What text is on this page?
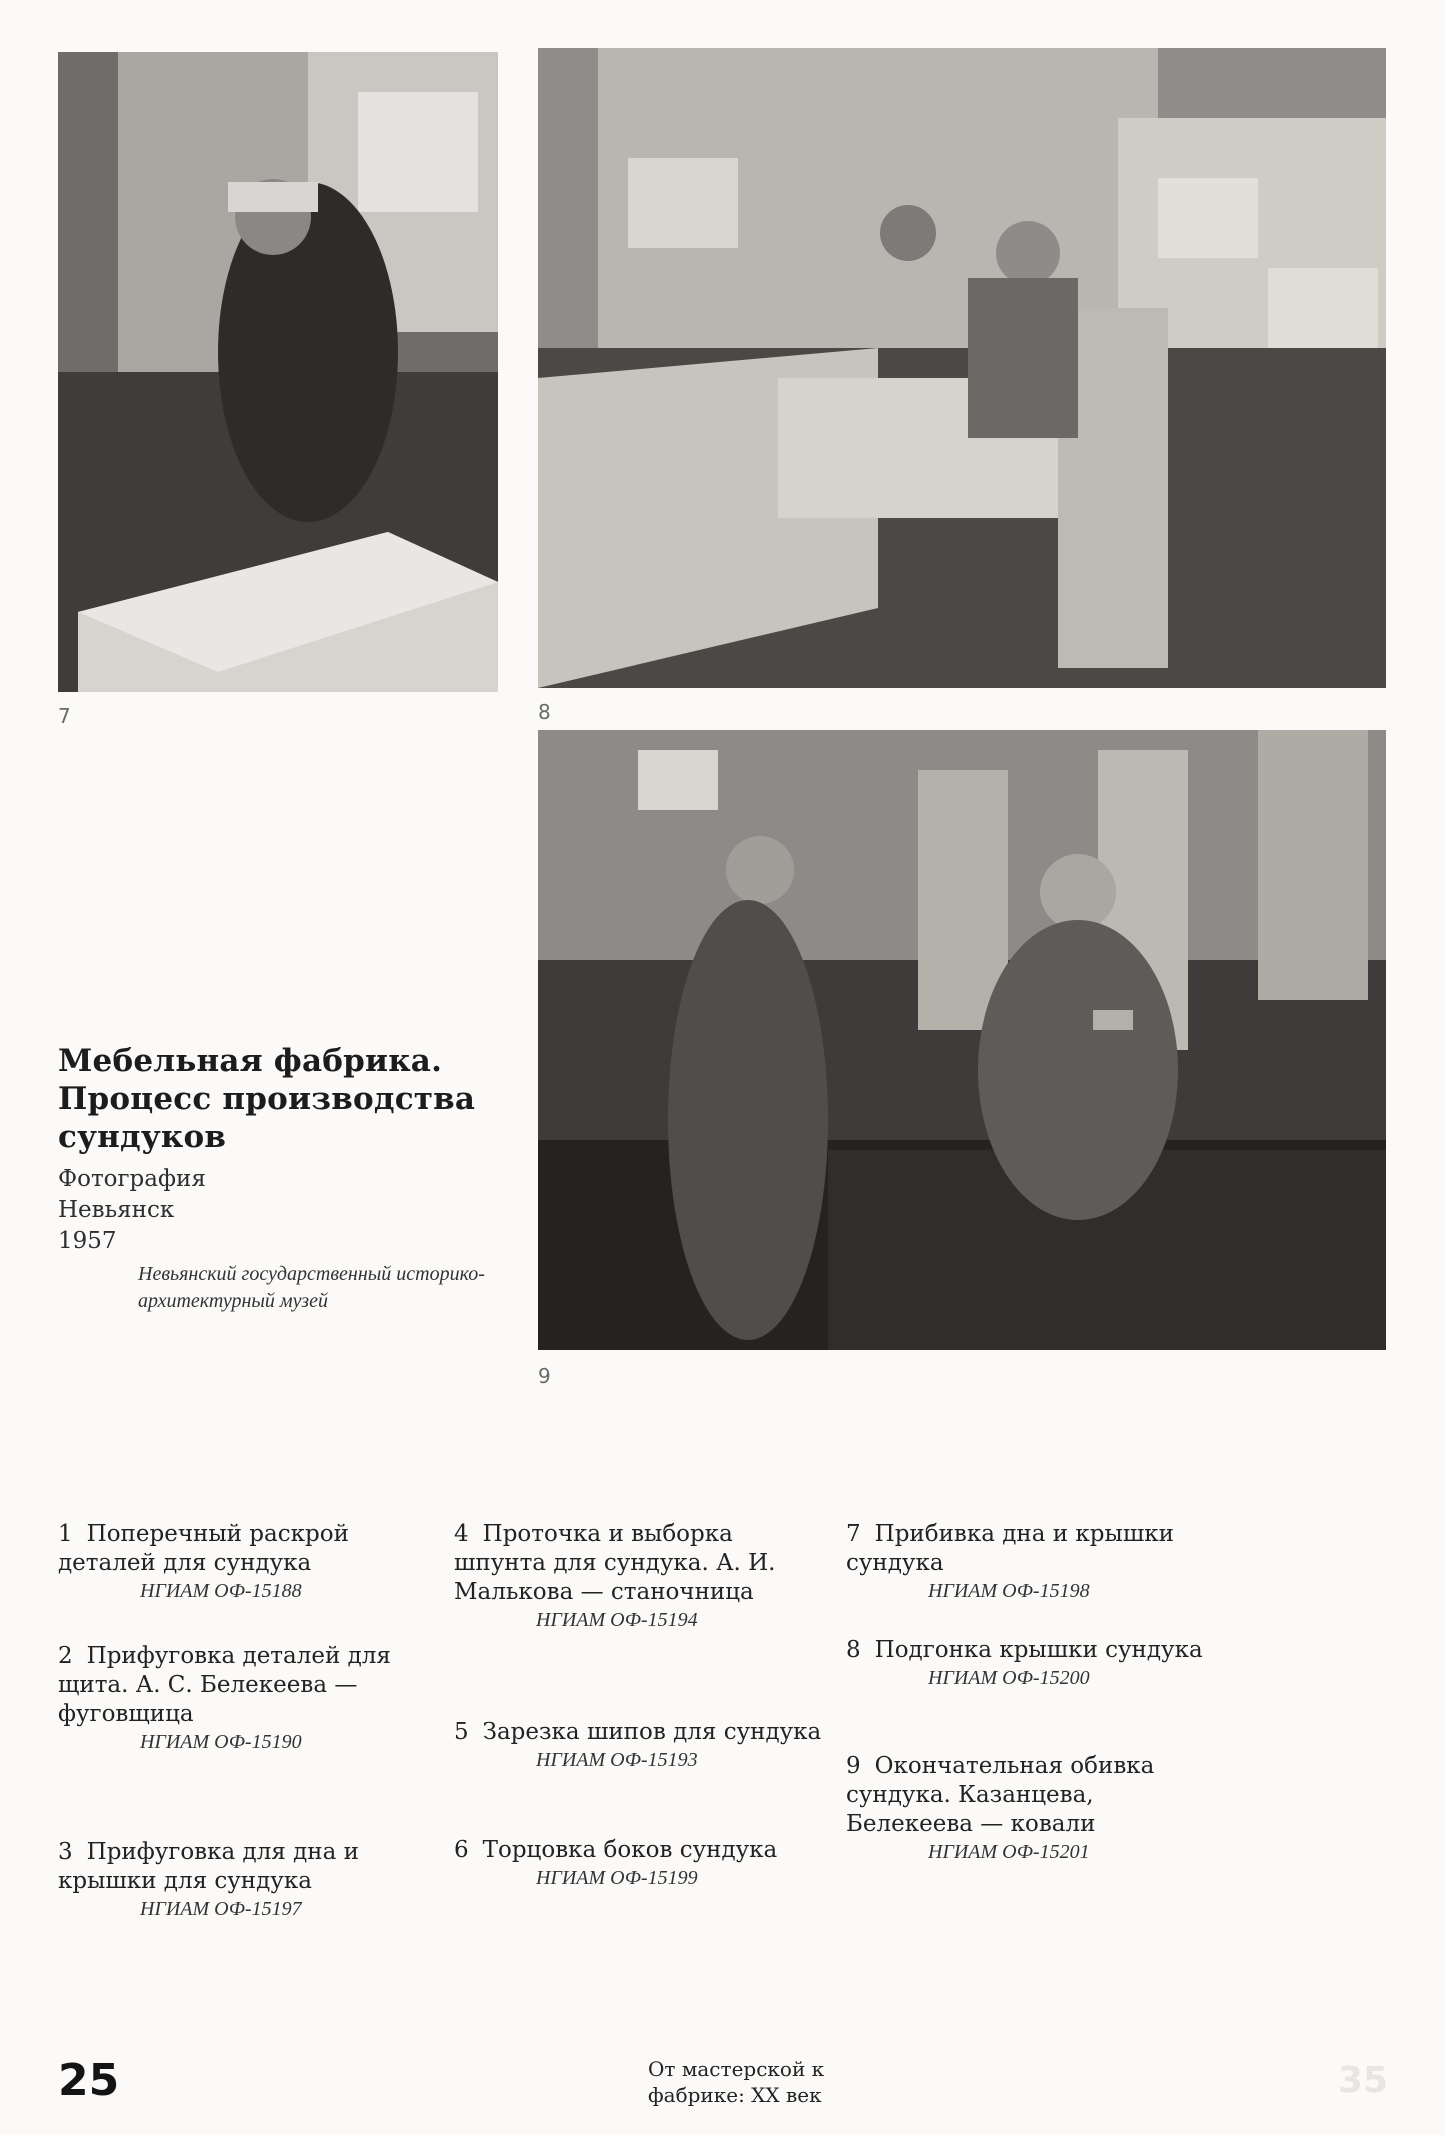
7	8
9
Мебельная фабрика. Процесс производства сундуков
Фотография
Невьянск
1957
Невьянский государственный историко-архитектурный музей
1 Поперечный раскрой деталей для сундука
НГИАМ ОФ-15188
2 Прифуговка деталей для щита. А. С. Белекеева — фуговщица
НГИАМ ОФ-15190
3 Прифуговка для дна и крышки для сундука
НГИАМ ОФ-15197
4 Проточка и выборка шпунта для сундука. А. И. Малькова — станочница
НГИАМ ОФ-15194
5 Зарезка шипов для сундука
НГИАМ ОФ-15193
6 Торцовка боков сундука
НГИАМ ОФ-15199
7 Прибивка дна и крышки сундука
НГИАМ ОФ-15198
8 Подгонка крышки сундука
НГИАМ ОФ-15200
9 Окончательная обивка сундука. Казанцева, Белекеева — ковали
НГИАМ ОФ-15201
25	От мастерской к фабрике: XX век	35
